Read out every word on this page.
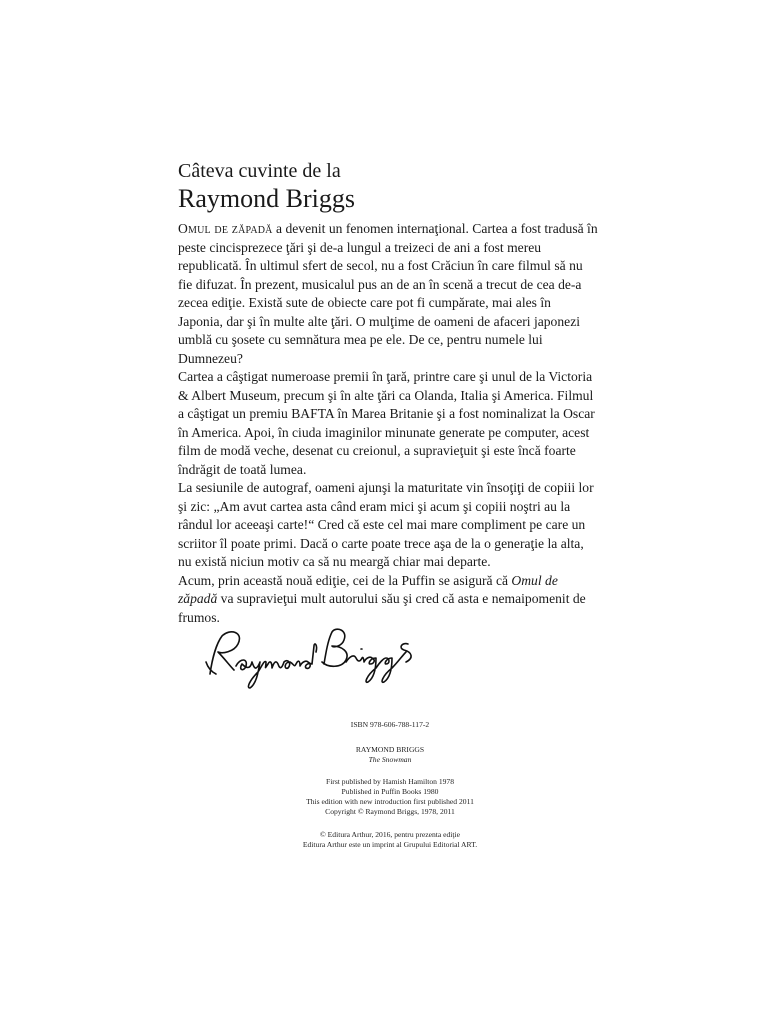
Câteva cuvinte de la
Raymond Briggs

Omul de zăpadă a devenit un fenomen internaţional. Cartea a fost tradusă în peste cincisprezece ţări şi de-a lungul a treizeci de ani a fost mereu republicată. În ultimul sfert de secol, nu a fost Crăciun în care filmul să nu fie difuzat. În prezent, musicalul pus an de an în scenă a trecut de cea de-a zecea ediţie. Există sute de obiecte care pot fi cumpărate, mai ales în Japonia, dar şi în multe alte ţări. O mulţime de oameni de afaceri japonezi umblă cu şosete cu semnătura mea pe ele. De ce, pentru numele lui Dumnezeu?

Cartea a câştigat numeroase premii în ţară, printre care şi unul de la Victoria & Albert Museum, precum şi în alte ţări ca Olanda, Italia şi America. Filmul a câştigat un premiu BAFTA în Marea Britanie şi a fost nominalizat la Oscar în America. Apoi, în ciuda imaginilor minunate generate pe computer, acest film de modă veche, desenat cu creionul, a supravieţuit şi este încă foarte îndrăgit de toată lumea.

La sesiunile de autograf, oameni ajunşi la maturitate vin însoţiţi de copiii lor şi zic: „Am avut cartea asta când eram mici şi acum şi copiii noştri au la rândul lor aceeaşi carte!“ Cred că este cel mai mare compliment pe care un scriitor îl poate primi. Dacă o carte poate trece aşa de la o generaţie la alta, nu există niciun motiv ca să nu meargă chiar mai departe.

Acum, prin această nouă ediţie, cei de la Puffin se asigură că Omul de zăpadă va supravieţui mult autorului său şi cred că asta e nemaipomenit de frumos.

ISBN 978-606-788-117-2
RAYMOND BRIGGS
The Snowman
First published by Hamish Hamilton 1978
Published in Puffin Books 1980
This edition with new introduction first published 2011
Copyright © Raymond Briggs, 1978, 2011
© Editura Arthur, 2016, pentru prezenta ediţie
Editura Arthur este un imprint al Grupului Editorial ART.
